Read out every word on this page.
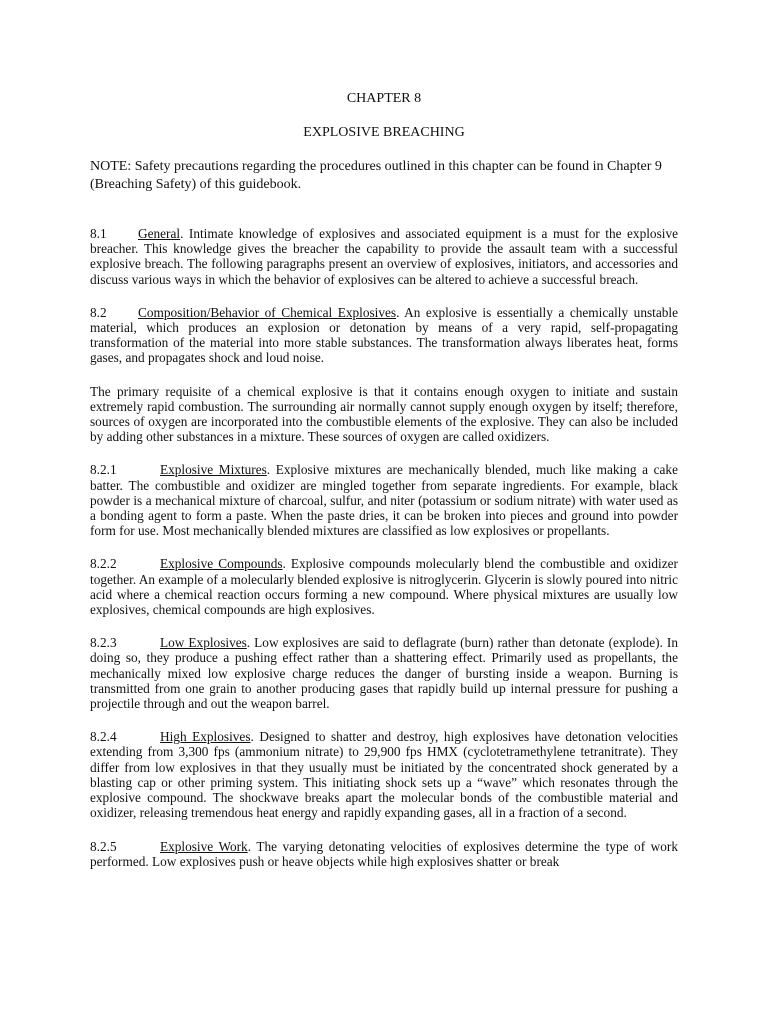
CHAPTER 8

EXPLOSIVE BREACHING

NOTE: Safety precautions regarding the procedures outlined in this chapter can be found in Chapter 9 (Breaching Safety) of this guidebook.

8.1 General. Intimate knowledge of explosives and associated equipment is a must for the explosive breacher. This knowledge gives the breacher the capability to provide the assault team with a successful explosive breach. The following paragraphs present an overview of explosives, initiators, and accessories and discuss various ways in which the behavior of explosives can be altered to achieve a successful breach.

8.2 Composition/Behavior of Chemical Explosives. An explosive is essentially a chemically unstable material, which produces an explosion or detonation by means of a very rapid, self-propagating transformation of the material into more stable substances. The transformation always liberates heat, forms gases, and propagates shock and loud noise.

The primary requisite of a chemical explosive is that it contains enough oxygen to initiate and sustain extremely rapid combustion. The surrounding air normally cannot supply enough oxygen by itself; therefore, sources of oxygen are incorporated into the combustible elements of the explosive. They can also be included by adding other substances in a mixture. These sources of oxygen are called oxidizers.

8.2.1	Explosive Mixtures. Explosive mixtures are mechanically blended, much like making a cake batter. The combustible and oxidizer are mingled together from separate ingredients. For example, black powder is a mechanical mixture of charcoal, sulfur, and niter (potassium or sodium nitrate) with water used as a bonding agent to form a paste. When the paste dries, it can be broken into pieces and ground into powder form for use. Most mechanically blended mixtures are classified as low explosives or propellants.

8.2.2	Explosive Compounds. Explosive compounds molecularly blend the combustible and oxidizer together. An example of a molecularly blended explosive is nitroglycerin. Glycerin is slowly poured into nitric acid where a chemical reaction occurs forming a new compound. Where physical mixtures are usually low explosives, chemical compounds are high explosives.

8.2.3	Low Explosives. Low explosives are said to deflagrate (burn) rather than detonate (explode). In doing so, they produce a pushing effect rather than a shattering effect. Primarily used as propellants, the mechanically mixed low explosive charge reduces the danger of bursting inside a weapon. Burning is transmitted from one grain to another producing gases that rapidly build up internal pressure for pushing a projectile through and out the weapon barrel.

8.2.4	High Explosives. Designed to shatter and destroy, high explosives have detonation velocities extending from 3,300 fps (ammonium nitrate) to 29,900 fps HMX (cyclotetramethylene tetranitrate). They differ from low explosives in that they usually must be initiated by the concentrated shock generated by a blasting cap or other priming system. This initiating shock sets up a “wave” which resonates through the explosive compound. The shockwave breaks apart the molecular bonds of the combustible material and oxidizer, releasing tremendous heat energy and rapidly expanding gases, all in a fraction of a second.

8.2.5	Explosive Work. The varying detonating velocities of explosives determine the type of work performed. Low explosives push or heave objects while high explosives shatter or break
